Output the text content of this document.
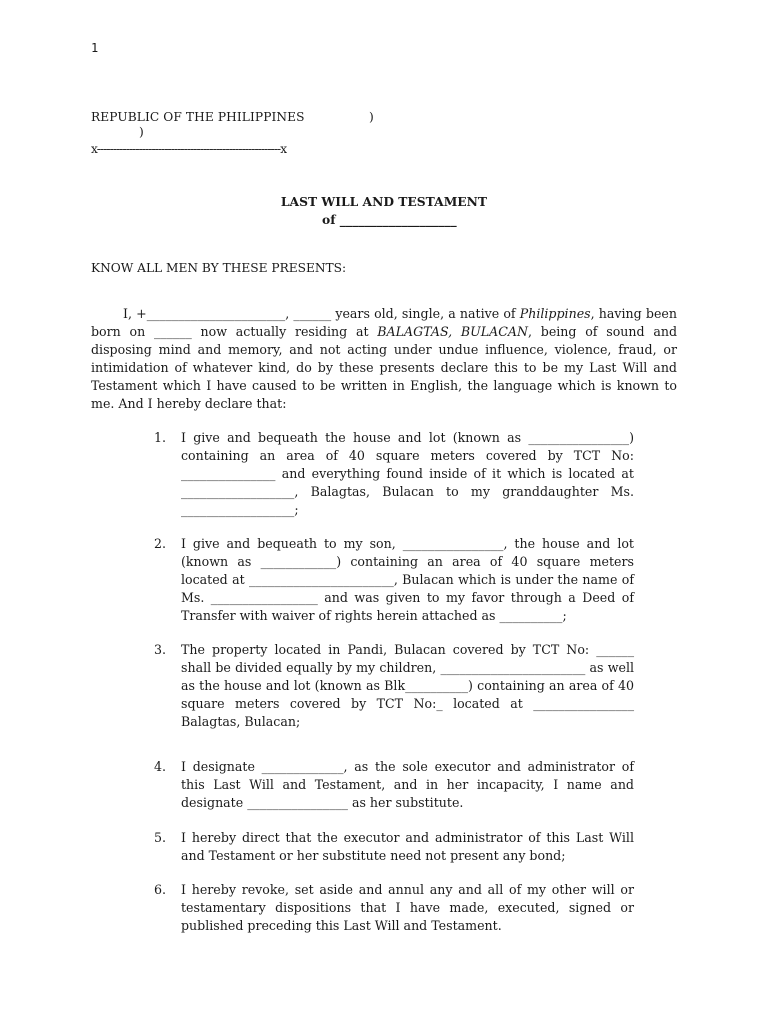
1
REPUBLIC OF THE PHILIPPINES	)
)
x---------------------------------------------------------x
LAST WILL AND TESTAMENT
of ___________________
KNOW ALL MEN BY THESE PRESENTS:

I, +______________________, ______ years old, single, a native of Philippines, having been born on ______ now actually residing at BALAGTAS, BULACAN, being of sound and disposing mind and memory, and not acting under undue influence, violence, fraud, or intimidation of whatever kind, do by these presents declare this to be my Last Will and Testament which I have caused to be written in English, the language which is known to me. And I hereby declare that:

1.	I give and bequeath the house and lot (known as ________________) containing an area of 40 square meters covered by TCT No: _______________ and everything found inside of it which is located at __________________, Balagtas, Bulacan to my granddaughter Ms. __________________;
2.	I give and bequeath to my son, ________________, the house and lot (known as ____________) containing an area of 40 square meters located at _______________________, Bulacan which is under the name of Ms. _________________ and was given to my favor through a Deed of Transfer with waiver of rights herein attached as __________;
3.	The property located in Pandi, Bulacan covered by TCT No: ______ shall be divided equally by my children, _______________________ as well as the house and lot (known as Blk__________) containing an area of 40 square meters covered by TCT No:_ located at ________________ Balagtas, Bulacan;
4.	I designate _____________, as the sole executor and administrator of this Last Will and Testament, and in her incapacity, I name and designate ________________ as her substitute.
5.	I hereby direct that the executor and administrator of this Last Will and Testament or her substitute need not present any bond;
6.	I hereby revoke, set aside and annul any and all of my other will or testamentary dispositions that I have made, executed, signed or published preceding this Last Will and Testament.
